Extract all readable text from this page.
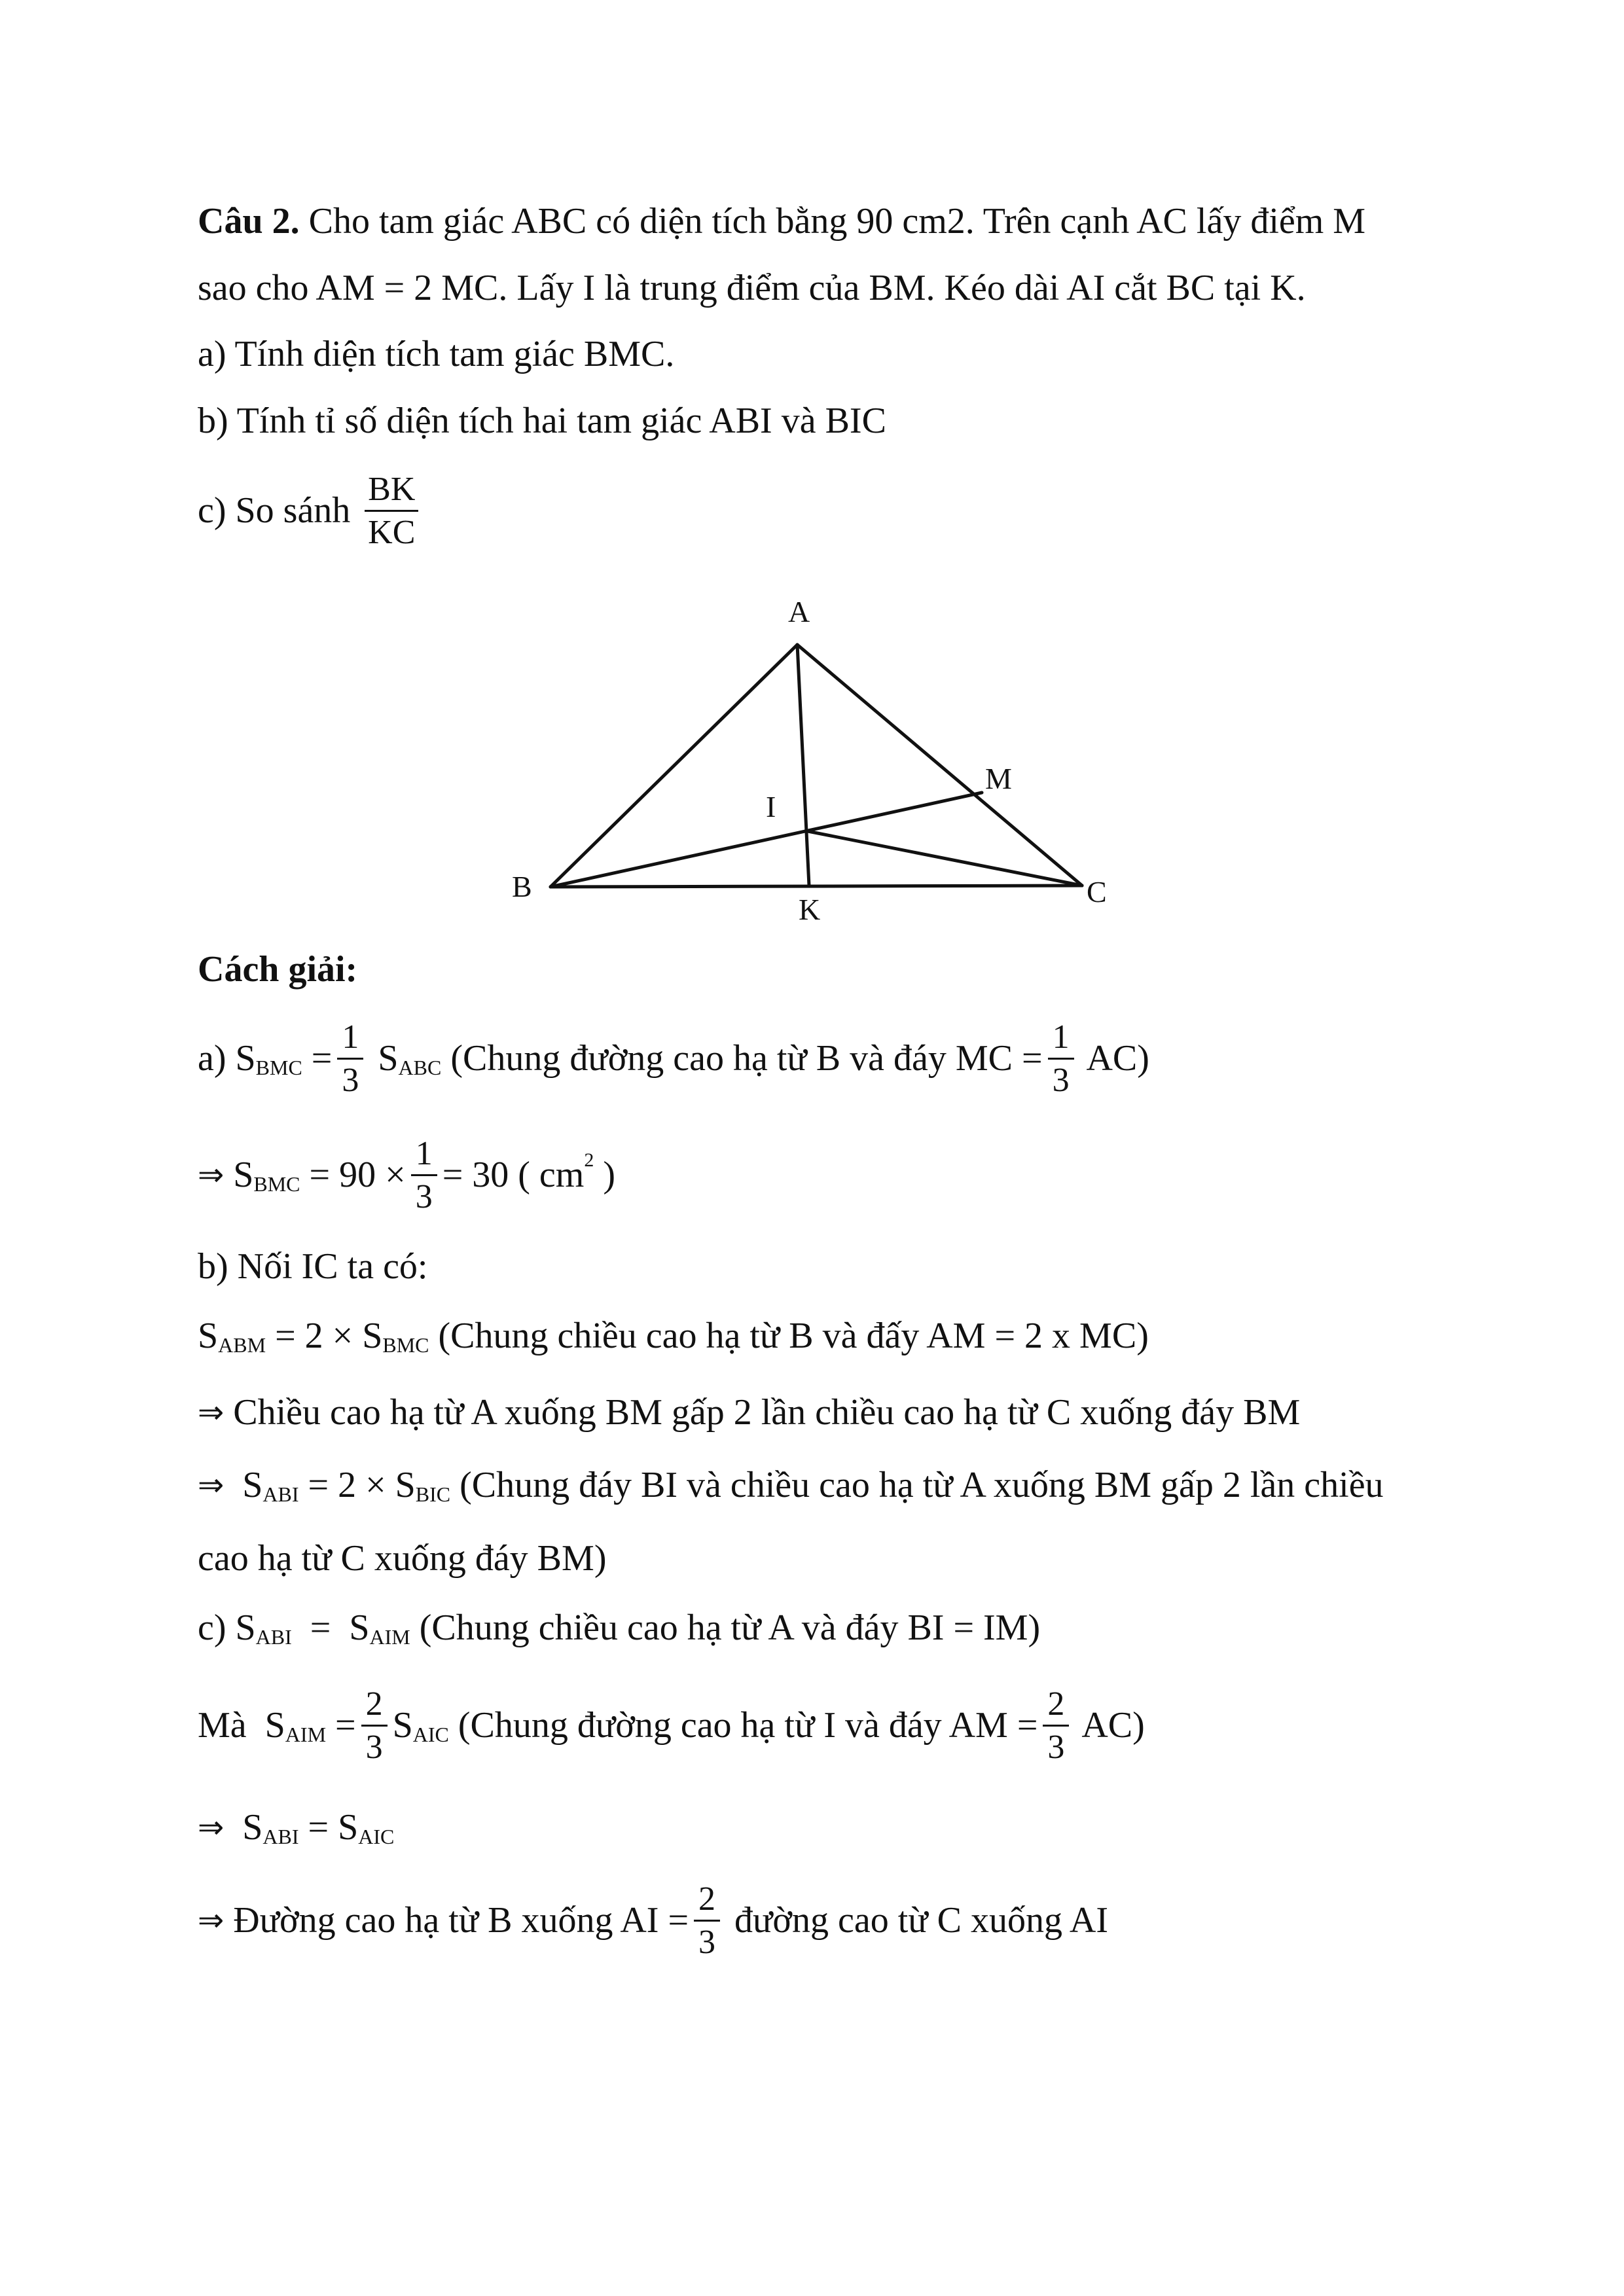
Câu 2. Cho tam giác ABC có diện tích bằng 90 cm2. Trên cạnh AC lấy điểm M
sao cho AM = 2 MC. Lấy I là trung điểm của BM. Kéo dài AI cắt BC tại K.
a) Tính diện tích tam giác BMC.
b) Tính tỉ số diện tích hai tam giác ABI và BIC
c) So sánh
$\frac{BK}{KC}$
A
B	C
M
I
K
Cách giải:
a) S BMC = $\frac{1}{3}$ S ABC (Chung đường cao hạ từ B và đáy MC = $\frac{1}{3} AC$)
⇒ S BMC = $90 \times \frac{1}{3} = 30$ ( cm 2 )
b) Nối IC ta có:
S ABM = 2 × S BMC (Chung chiều cao hạ từ B và đấy AM = 2 x MC)
⇒ Chiều cao hạ từ A xuống BM gấp 2 lần chiều cao hạ từ C xuống đáy BM
⇒ S ABI = 2 × S BIC (Chung đáy BI và chiều cao hạ từ A xuống BM gấp 2 lần chiều
cao hạ từ C xuống đáy BM)
c) S ABI =  S AIM (Chung chiều cao hạ từ A và đáy BI = IM)
Mà  S AIM = $\frac{2}{3}$ S AIC (Chung đường cao hạ từ I và đáy AM = $\frac{2}{3} AC$)
⇒ S ABI = S AIC
⇒ Đường cao hạ từ B xuống AI = $\frac{2}{3}$ đường cao từ C xuống AI
